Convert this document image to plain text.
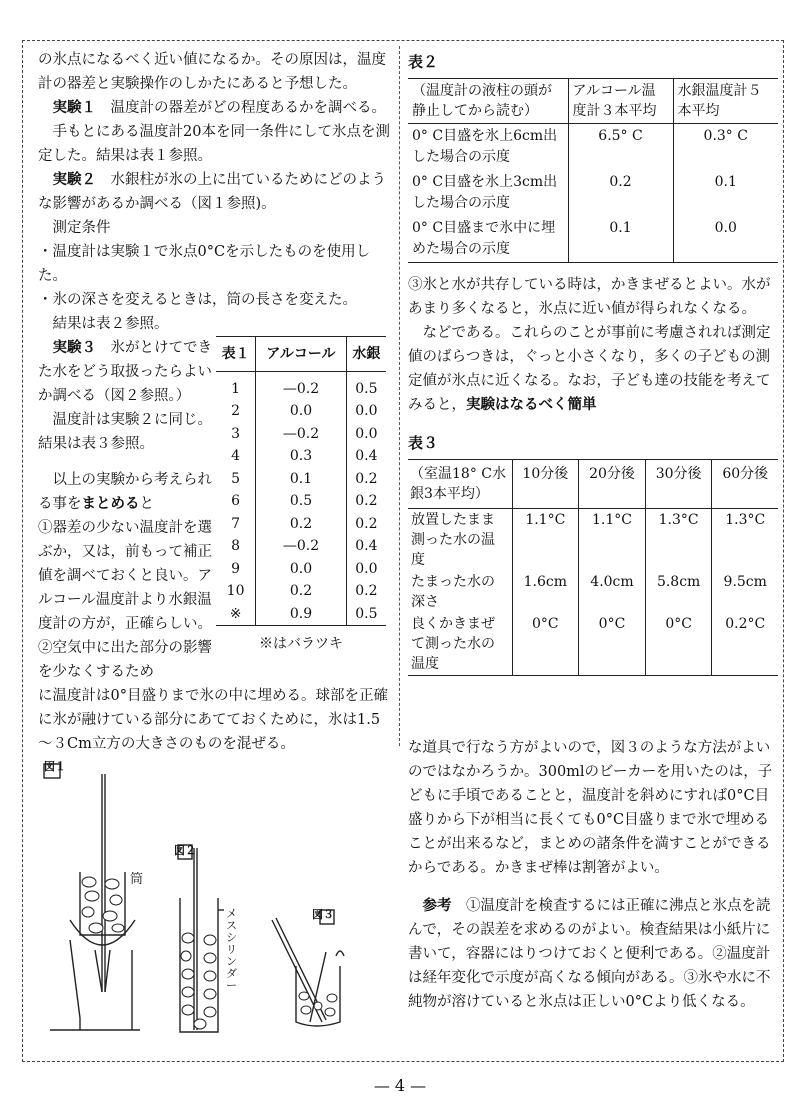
の氷点になるべく近い値になるか。その原因は，温度計の器差と実験操作のしかたにあると予想した。

実験１　 温度計の器差がどの程度あるかを調べる。

手もとにある温度計20本を同一条件にして氷点を測定した。結果は表１参照。

実験２　 水銀柱が氷の上に出ているためにどのような影響があるか調べる（図１参照)。

測定条件

・温度計は実験１で氷点0°Cを示したものを使用した。

・氷の深さを変えるときは，筒の長さを変えた。

結果は表２参照。

実験３　 氷がとけてできた水をどう取扱ったらよいか調べる（図２参照。）

温度計は実験２に同じ。結果は表３参照。

以上の実験から考えられる事をまとめると

①器差の少ない温度計を選ぶか，又は，前もって補正値を調べておくと良い。アルコール温度計より水銀温度計の方が，正確らしい。

②空気中に出た部分の影響を少なくするため

に温度計は0°目盛りまで氷の中に埋める。球部を正確に氷が融けている部分にあてておくために，氷は1.5～３Cm立方の大きさのものを混ぜる。

表１	アルコール	水銀
1	—0.2	0.5
2	0.0	0.0
3	—0.2	0.0
4	0.3	0.4
5	0.1	0.2
6	0.5	0.2
7	0.2	0.2
8	—0.2	0.4
9	0.0	0.0
10	0.2	0.2
※	0.9	0.5

※はバラツキ

表２

（温度計の液柱の頭が静止してから読む）	アルコール温度計３本平均	水銀温度計５本平均
0° C目盛を氷上6cm出した場合の示度	6.5° C	0.3° C
0° C目盛を氷上3cm出した場合の示度	0.2	0.1
0° C目盛まで氷中に埋めた場合の示度	0.1	0.0

③氷と水が共存している時は，かきまぜるとよい。水があまり多くなると，氷点に近い値が得られなくなる。

などである。これらのことが事前に考慮されれば測定値のばらつきは，ぐっと小さくなり，多くの子どもの測定値が氷点に近くなる。なお，子ども達の技能を考えてみると，実験はなるべく簡単

表３

（室温18° C水銀3本平均）	10分後	20分後	30分後	60分後
放置したまま測った水の温度	1.1°C	1.1°C	1.3°C	1.3°C
たまった水の深さ	1.6cm	4.0cm	5.8cm	9.5cm
良くかきまぜて測った水の温度	0°C	0°C	0°C	0.2°C

な道具で行なう方がよいので，図３のような方法がよいのではなかろうか。300mlのビーカーを用いたのは，子どもに手頃であることと，温度計を斜めにすれば0°C目盛りから下が相当に長くても0°C目盛りまで氷で埋めることが出来るなど，まとめの諸条件を満すことができるからである。かきまぜ棒は割箸がよい。

参考　 ①温度計を検査するには正確に沸点と氷点を読んで，その誤差を求めるのがよい。検査結果は小紙片に書いて，容器にはりつけておくと便利である。②温度計は経年変化で示度が高くなる傾向がある。③氷や水に不純物が溶けていると氷点は正しい0°Cより低くなる。

図１
筒
図２
メスシリンダー
図３
— 4 —
